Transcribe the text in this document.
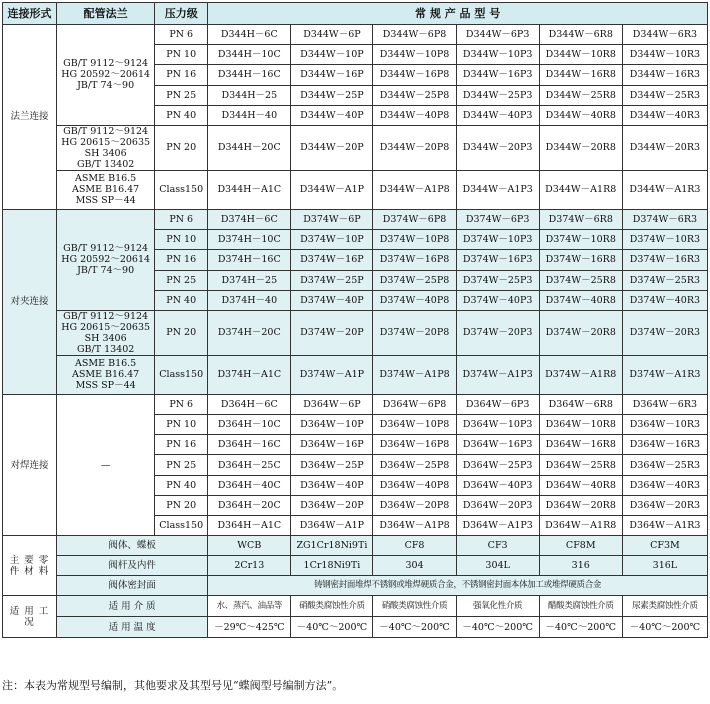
连接形式	配管法兰	压力级	常 规 产 品 型 号					
法兰连接	GB/T 9112～9124
HG 20592～20614
JB/T 74～90	PN 6	D344H－6C	D344W－6P	D344W－6P8	D344W－6P3	D344W－6R8	D344W－6R3
		PN 10	D344H－10C	D344W－10P	D344W－10P8	D344W－10P3	D344W－10R8	D344W－10R3
		PN 16	D344H－16C	D344W－16P	D344W－16P8	D344W－16P3	D344W－16R8	D344W－16R3
		PN 25	D344H－25	D344W－25P	D344W－25P8	D344W－25P3	D344W－25R8	D344W－25R3
		PN 40	D344H－40	D344W－40P	D344W－40P8	D344W－40P3	D344W－40R8	D344W－40R3

	GB/T 9112～9124
HG 20615～20635
SH 3406
GB/T 13402	PN 20	D344H－20C	D344W－20P	D344W－20P8	D344W－20P3	D344W－20R8	D344W－20R3

	ASME B16.5
ASME B16.47
MSS SP－44	Class150	D344H－A1C	D344W－A1P	D344W－A1P8	D344W－A1P3	D344W－A1R8	D344W－A1R3
对夹连接	GB/T 9112～9124
HG 20592～20614
JB/T 74～90	PN 6	D374H－6C	D374W－6P	D374W－6P8	D374W－6P3	D374W－6R8	D374W－6R3
		PN 10	D374H－10C	D374W－10P	D374W－10P8	D374W－10P3	D374W－10R8	D374W－10R3
		PN 16	D374H－16C	D374W－16P	D374W－16P8	D374W－16P3	D374W－16R8	D374W－16R3
		PN 25	D374H－25	D374W－25P	D374W－25P8	D374W－25P3	D374W－25R8	D374W－25R3
		PN 40	D374H－40	D374W－40P	D374W－40P8	D374W－40P3	D374W－40R8	D374W－40R3

	GB/T 9112～9124
HG 20615～20635
SH 3406
GB/T 13402	PN 20	D374H－20C	D374W－20P	D374W－20P8	D374W－20P3	D374W－20R8	D374W－20R3

	ASME B16.5
ASME B16.47
MSS SP－44	Class150	D374H－A1C	D374W－A1P	D374W－A1P8	D374W－A1P3	D374W－A1R8	D374W－A1R3
对焊连接	—	PN 6	D364H－6C	D364W－6P	D364W－6P8	D364W－6P3	D364W－6R8	D364W－6R3
		PN 10	D364H－10C	D364W－10P	D364W－10P8	D364W－10P3	D364W－10R8	D364W－10R3
		PN 16	D364H－16C	D364W－16P	D364W－16P8	D364W－16P3	D364W－16R8	D364W－16R3
		PN 25	D364H－25C	D364W－25P	D364W－25P8	D364W－25P3	D364W－25R8	D364W－25R3
		PN 40	D364H－40C	D364W－40P	D364W－40P8	D364W－40P3	D364W－40R8	D364W－40R3
		PN 20	D364H－20C	D364W－20P	D364W－20P8	D364W－20P3	D364W－20R8	D364W－20R3
		Class150	D364H－A1C	D364W－A1P	D364W－A1P8	D364W－A1P3	D364W－A1R8	D364W－A1R3
主 要 零 件 材 料	阀体、蝶板		WCB	ZG1Cr18Ni9Ti	CF8	CF3	CF8M	CF3M
	阀杆及内件		2Cr13	1Cr18Ni9Ti	304	304L	316	316L
	阀体密封面		铸钢密封面堆焊不锈钢或堆焊硬质合金，不锈钢密封面本体加工或堆焊硬质合金					
适 用 工 况	适 用 介 质		水、蒸汽、油品等	硝酸类腐蚀性介质	硝酸类腐蚀性介质	强氧化性介质	醋酸类腐蚀性介质	尿素类腐蚀性介质
	适 用 温 度		－29℃～425℃	－40℃～200℃	－40℃～200℃	－40℃～200℃	－40℃～200℃	－40℃～200℃
注：本表为常规型号编制，其他要求及其型号见“蝶阀型号编制方法”。
